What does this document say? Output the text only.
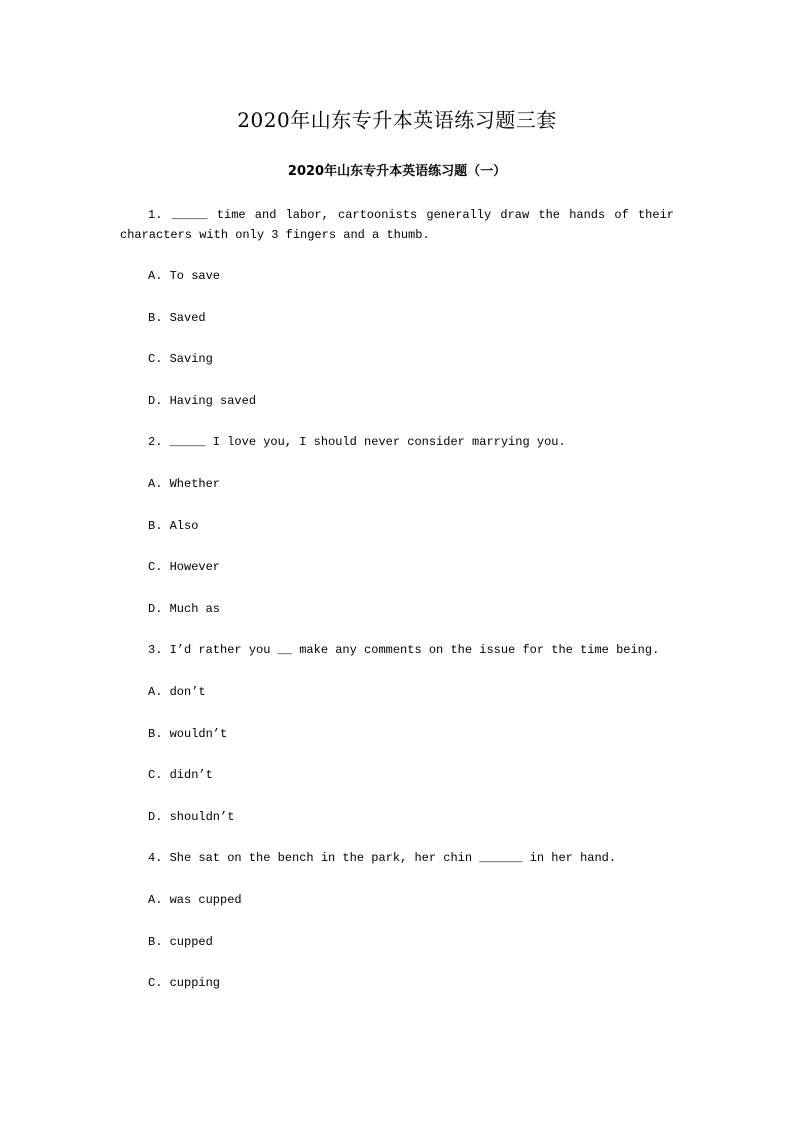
2020年山东专升本英语练习题三套
2020年山东专升本英语练习题（一）
1. _____ time and labor, cartoonists generally draw the hands of their characters with only 3 fingers and a thumb.
A. To save
B. Saved
C. Saving
D. Having saved
2. _____ I love you, I should never consider marrying you.
A. Whether
B. Also
C. However
D. Much as
3. I’d rather you __ make any comments on the issue for the time being.
A. don’t
B. wouldn’t
C. didn’t
D. shouldn’t
4. She sat on the bench in the park, her chin ______ in her hand.
A. was cupped
B. cupped
C. cupping
